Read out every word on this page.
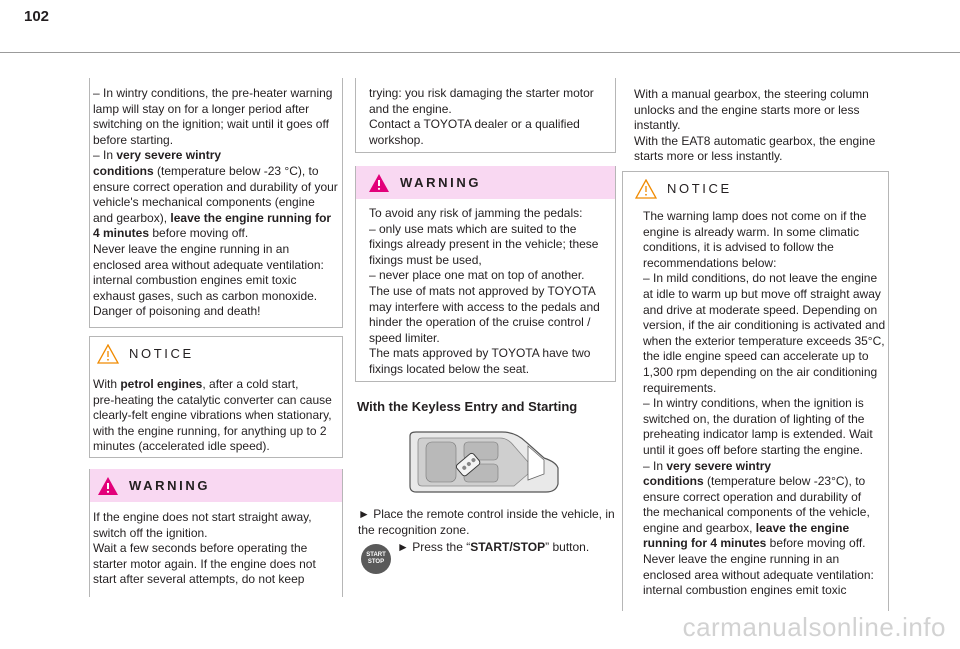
102
– In wintry conditions, the pre-heater warning
lamp will stay on for a longer period after
switching on the ignition; wait until it goes off
before starting.
– In very severe wintry
conditions (temperature below -23 °C), to
ensure correct operation and durability of your
vehicle's mechanical components (engine
and gearbox), leave the engine running for
4 minutes before moving off.
Never leave the engine running in an
enclosed area without adequate ventilation:
internal combustion engines emit toxic
exhaust gases, such as carbon monoxide.
Danger of poisoning and death!
NOTICE
With petrol engines, after a cold start,
pre-heating the catalytic converter can cause
clearly-felt engine vibrations when stationary,
with the engine running, for anything up to 2
minutes (accelerated idle speed).
WARNING
If the engine does not start straight away,
switch off the ignition.
Wait a few seconds before operating the
starter motor again. If the engine does not
start after several attempts, do not keep
trying: you risk damaging the starter motor
and the engine.
Contact a TOYOTA dealer or a qualified
workshop.
WARNING
To avoid any risk of jamming the pedals:
– only use mats which are suited to the
fixings already present in the vehicle; these
fixings must be used,
– never place one mat on top of another.
The use of mats not approved by TOYOTA
may interfere with access to the pedals and
hinder the operation of the cruise control /
speed limiter.
The mats approved by TOYOTA have two
fixings located below the seat.
With the Keyless Entry and Starting
► Place the remote control inside the vehicle, in
the recognition zone.
START
STOP
► Press the “START/STOP” button.
With a manual gearbox, the steering column
unlocks and the engine starts more or less
instantly.
With the EAT8 automatic gearbox, the engine
starts more or less instantly.
NOTICE
The warning lamp does not come on if the
engine is already warm. In some climatic
conditions, it is advised to follow the
recommendations below:
– In mild conditions, do not leave the engine
at idle to warm up but move off straight away
and drive at moderate speed. Depending on
version, if the air conditioning is activated and
when the exterior temperature exceeds 35°C,
the idle engine speed can accelerate up to
1,300 rpm depending on the air conditioning
requirements.
– In wintry conditions, when the ignition is
switched on, the duration of lighting of the
preheating indicator lamp is extended. Wait
until it goes off before starting the engine.
– In very severe wintry
conditions (temperature below -23°C), to
ensure correct operation and durability of
the mechanical components of the vehicle,
engine and gearbox, leave the engine
running for 4 minutes before moving off.
Never leave the engine running in an
enclosed area without adequate ventilation:
internal combustion engines emit toxic
carmanualsonline.info
